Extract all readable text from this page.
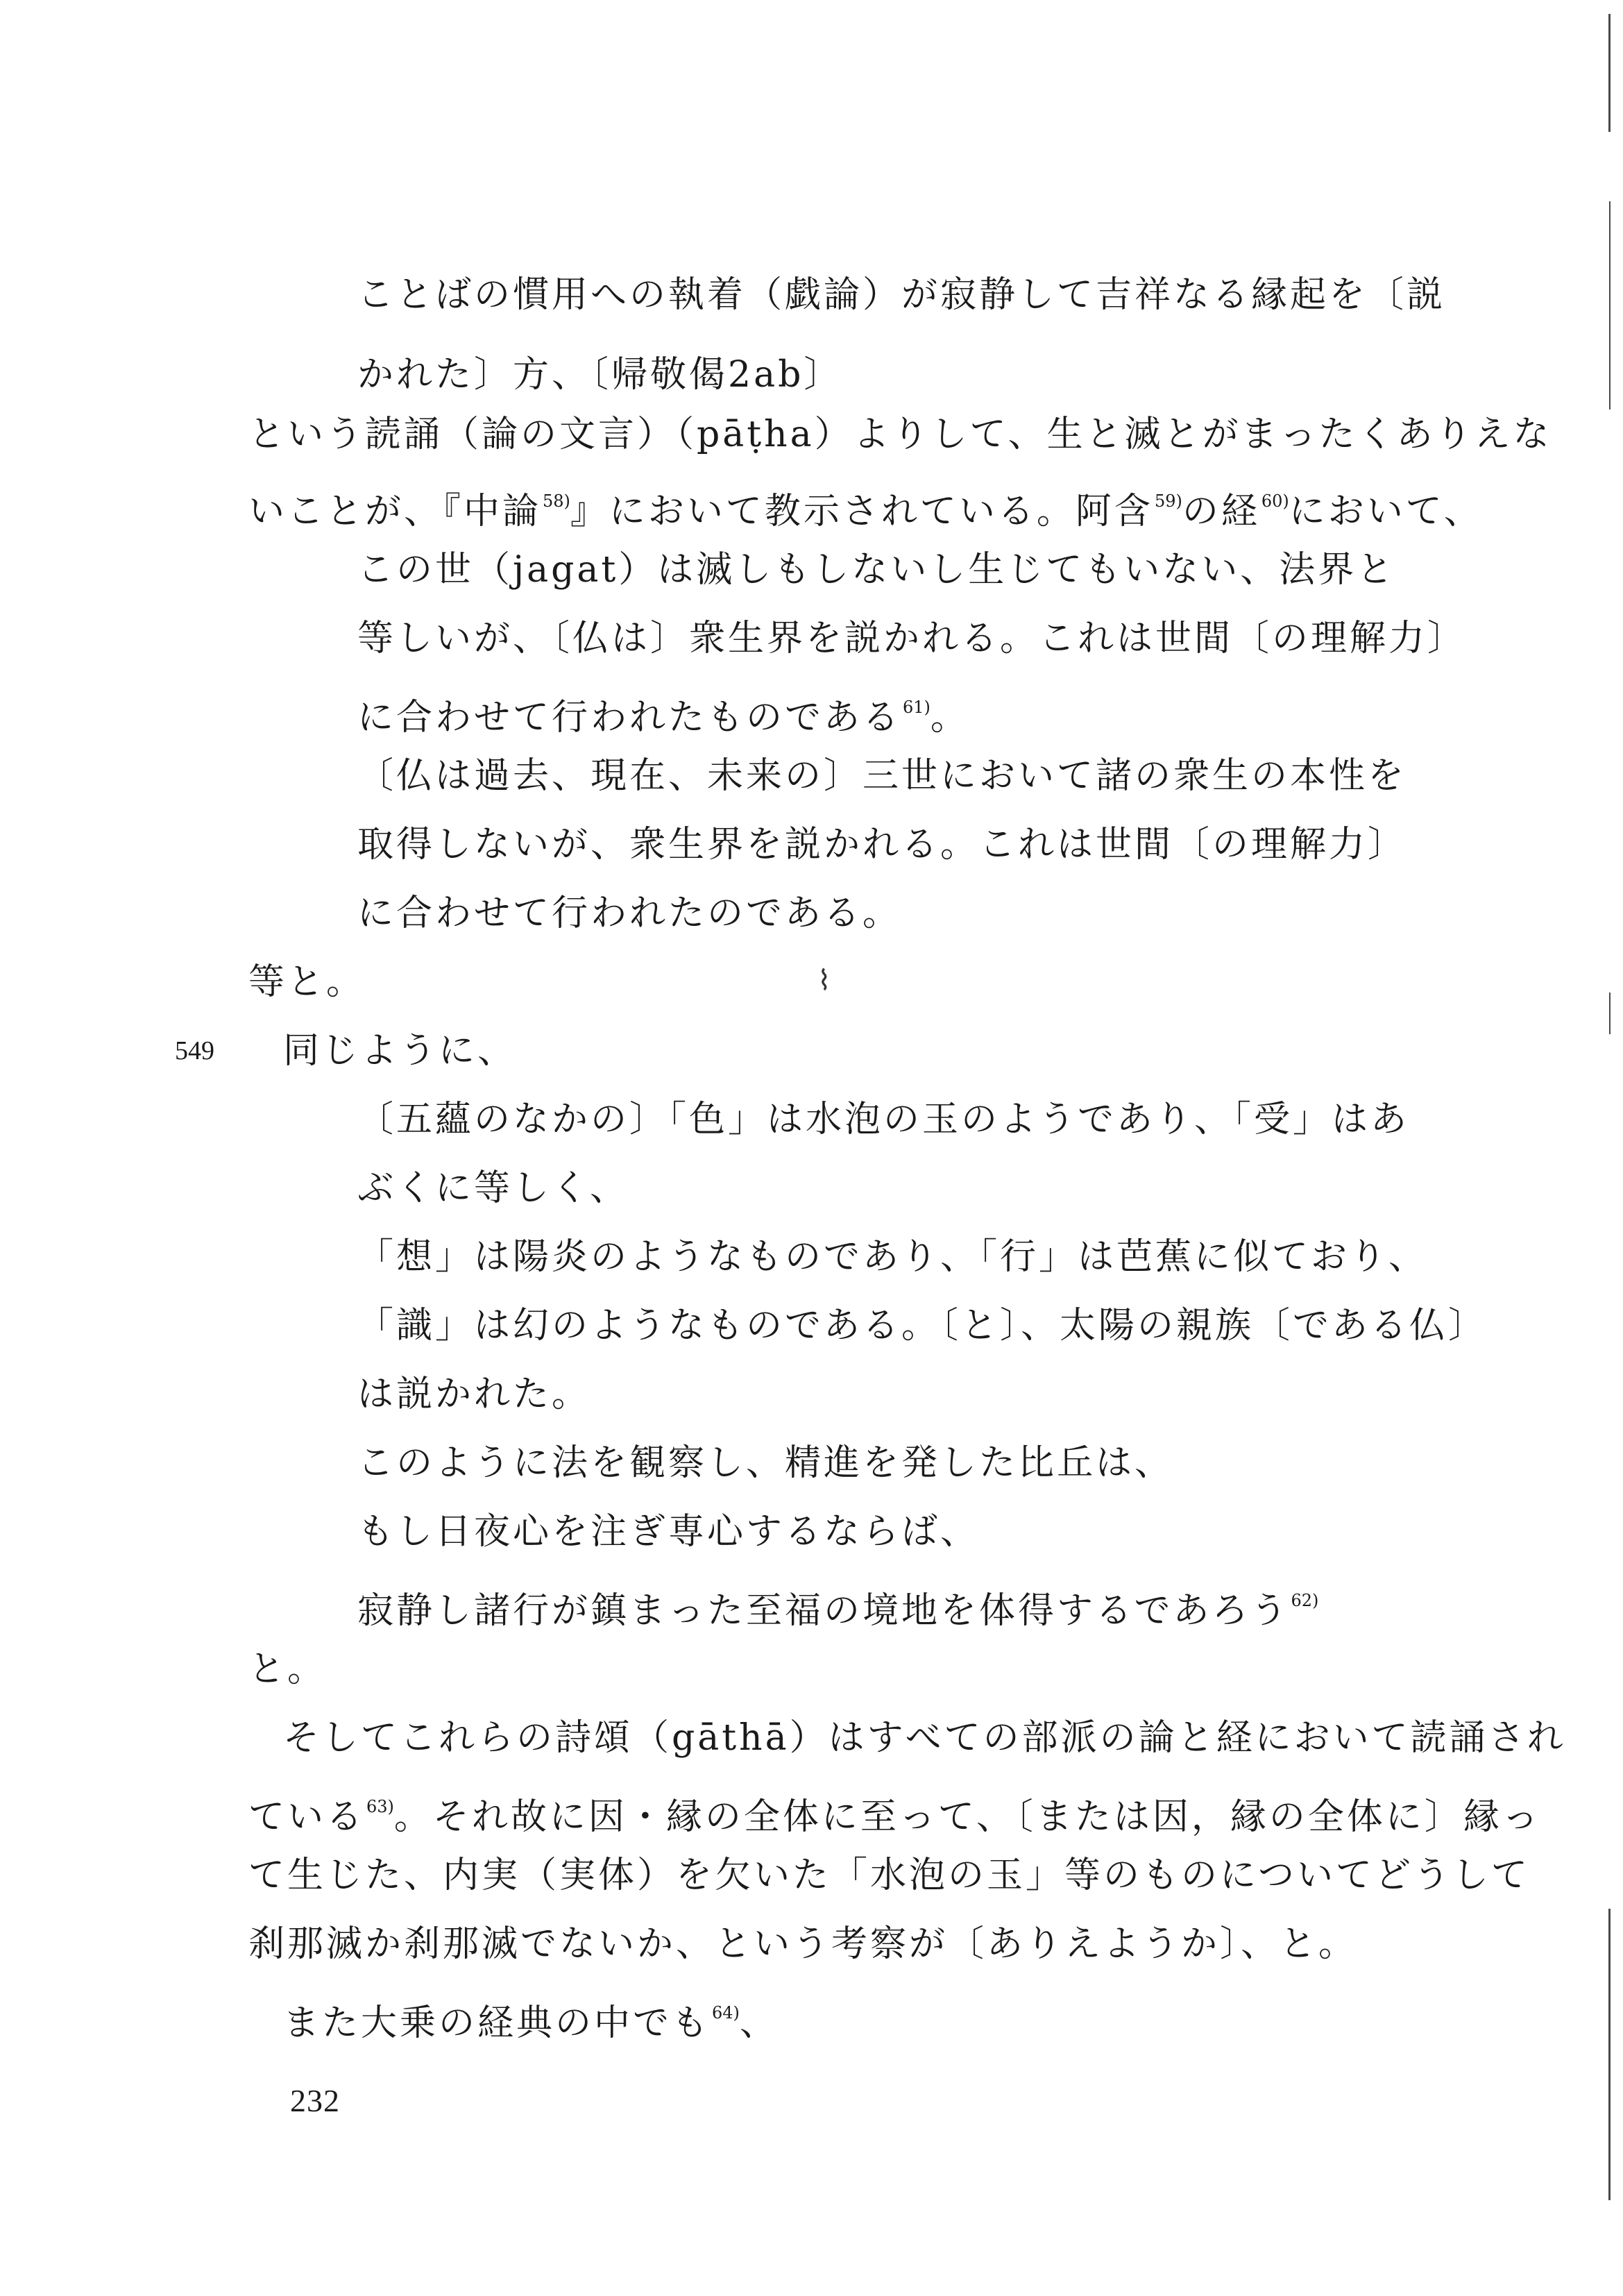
⌇
ことばの慣用への執着（戯論）が寂静して吉祥なる縁起を〔説
かれた〕方、〔帰敬偈2ab〕
という読誦（論の文言）（pāṭha）よりして、生と滅とがまったくありえな
いことが、『中論$^{58)}$』において教示されている。阿含$^{59)}$の経$^{60)}$において、
この世（jagat）は滅しもしないし生じてもいない、法界と
等しいが、〔仏は〕衆生界を説かれる。これは世間〔の理解力〕
に合わせて行われたものである$^{61)}$。
〔仏は過去、現在、未来の〕三世において諸の衆生の本性を
取得しないが、衆生界を説かれる。これは世間〔の理解力〕
に合わせて行われたのである。
等と。
549 同じように、
〔五蘊のなかの〕「色」は水泡の玉のようであり、「受」はあ
ぶくに等しく、
「想」は陽炎のようなものであり、「行」は芭蕉に似ており、
「識」は幻のようなものである。〔と〕、太陽の親族〔である仏〕
は説かれた。
このように法を観察し、精進を発した比丘は、
もし日夜心を注ぎ専心するならば、
寂静し諸行が鎮まった至福の境地を体得するであろう$^{62)}$
と。
そしてこれらの詩頌（gāthā）はすべての部派の論と経において読誦され
ている$^{63)}$。それ故に因・縁の全体に至って、〔または因，縁の全体に〕縁っ
て生じた、内実（実体）を欠いた「水泡の玉」等のものについてどうして
刹那滅か刹那滅でないか、という考察が〔ありえようか〕、と。
また大乗の経典の中でも$^{64)}$、
232
